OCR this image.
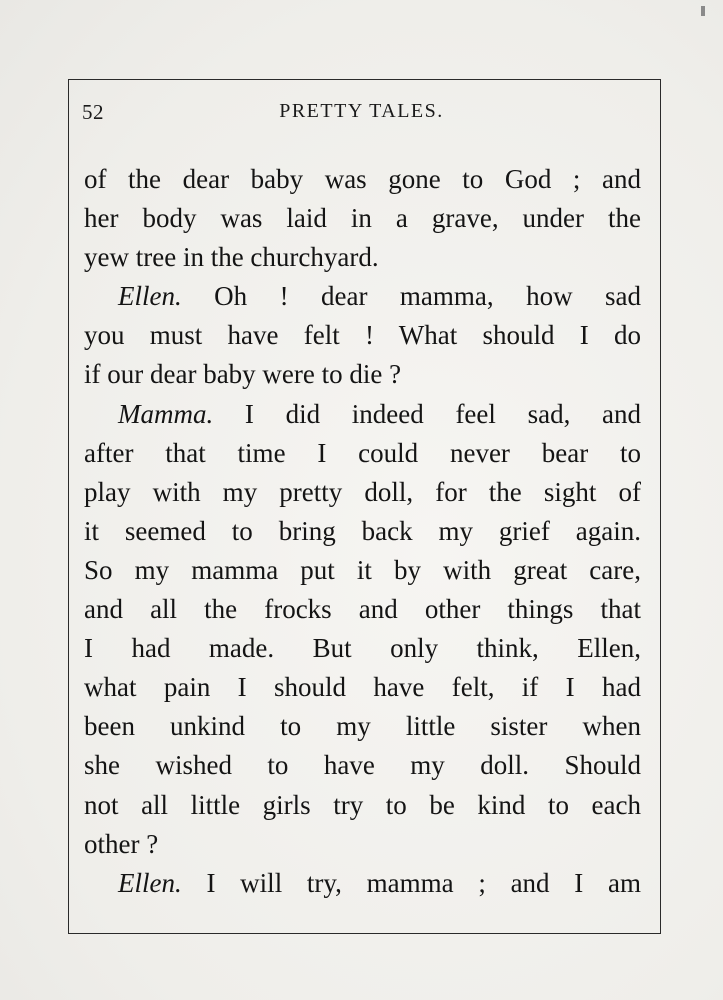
52	PRETTY TALES.
of the dear baby was gone to God ; and
her body was laid in a grave, under the
yew tree in the churchyard.
Ellen. Oh ! dear mamma, how sad
you must have felt ! What should I do
if our dear baby were to die ?
Mamma. I did indeed feel sad, and
after that time I could never bear to
play with my pretty doll, for the sight of
it seemed to bring back my grief again.
So my mamma put it by with great care,
and all the frocks and other things that
I had made. But only think, Ellen,
what pain I should have felt, if I had
been unkind to my little sister when
she wished to have my doll. Should
not all little girls try to be kind to each
other ?
Ellen. I will try, mamma ; and I am
